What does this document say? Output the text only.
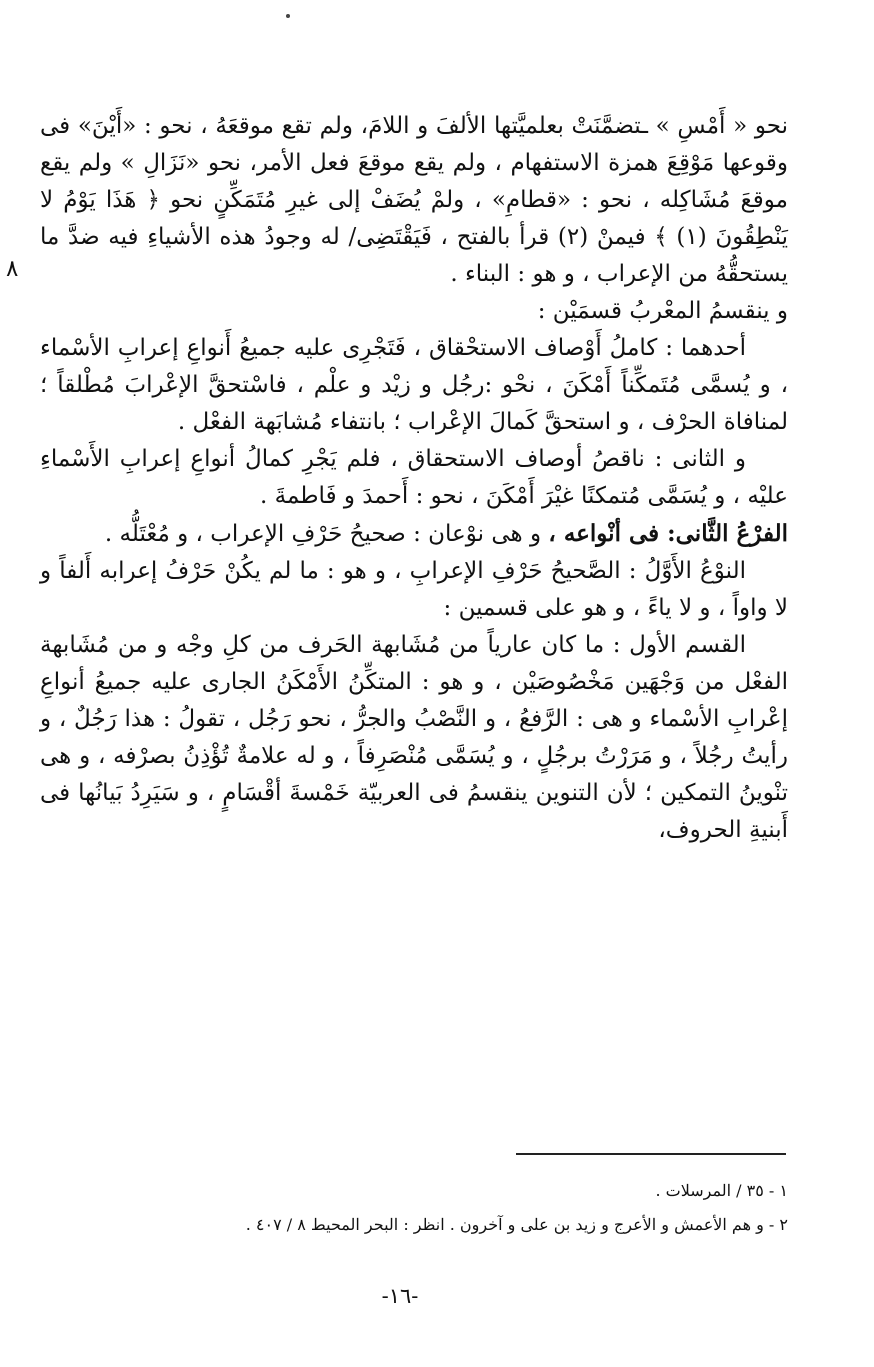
٨

نحو « أَمْسِ » ـتضمَّنَتْ بعلميَّتها الألفَ و اللامَ، ولم تقع موقعَهُ ، نحو : «أَيْنَ» فى وقوعها مَوْقِعَ همزة الاستفهام ، ولم يقع موقعَ فعل الأمر، نحو «نَزَالِ » ولم يقع موقعَ مُشَاكِله ، نحو : «قطامِ» ، ولمْ يُضَفْ إلى غيرِ مُتَمَكِّنٍ نحو ﴿ هَذَا يَوْمُ لا يَنْطِقُونَ (١) ﴾ فيمنْ (٢) قرأ بالفتح ، فَيَقْتَضِى/ له وجودُ هذه الأشياءِ فيه ضدَّ ما يستحقُّهُ من الإعراب ، و هو : البناء .

و ينقسمُ المعْربُ قسمَيْن :

أحدهما : كاملُ أَوْصاف الاستحْقاق ، فَتَجْرِى عليه جميعُ أَنواعِ إعرابِ الأسْماء ، و يُسمَّى مُتَمكِّناً أَمْكَنَ ، نحْو :رجُل و زيْد و علْم ، فاسْتحقَّ الإعْرابَ مُطْلقاً ؛ لمنافاة الحرْف ، و استحقَّ كَمالَ الإعْراب ؛ بانتفاء مُشابَهة الفعْل .

و الثانى : ناقصُ أوصاف الاستحقاق ، فلم يَجْرِ كمالُ أنواعِ إعرابِ الأَسْماءِ عليْه ، و يُسَمَّى مُتمكنًا غيْرَ أَمْكَنَ ، نحو : أَحمدَ و فَاطمةَ .

الفرْعُ الثَّانى: فى أنْواعه ، و هى نوْعان : صحيحُ حَرْفِ الإعراب ، و مُعْتَلُّه .

النوْعُ الأَوَّلُ : الصَّحيحُ حَرْفِ الإعرابِ ، و هو : ما لم يكُنْ حَرْفُ إعرابه أَلفاً و لا واواً ، و لا ياءً ، و هو على قسمين :

القسم الأول : ما كان عارياً من مُشَابهة الحَرف من كلِ وجْه و من مُشَابهة الفعْل من وَجْهَين مَخْصُوصَيْن ، و هو : المتكِّنُ الأَمْكَنُ الجارى عليه جميعُ أنواعِ إعْرابِ الأسْماء و هى : الرَّفعُ ، و النَّصْبُ والجرُّ ، نحو رَجُل ، تقولُ : هذا رَجُلٌ ، و رأيتُ رجُلاً ، و مَرَرْتُ برجُلٍ ، و يُسَمَّى مُنْصَرِفاً ، و له علامةٌ تُؤْذِنُ بصرْفه ، و هى تنْوينُ التمكين ؛ لأن التنوين ينقسمُ فى العربيّة خَمْسةَ أقْسَامٍ ، و سَيَرِدُ بَيانُها فى أَبنيةِ الحروف،

١ - ٣٥ / المرسلات .
٢ - و هم الأعمش و الأعرج و زيد بن على و آخرون . انظر : البحر المحيط ٨ / ٤٠٧ .
-١٦-
